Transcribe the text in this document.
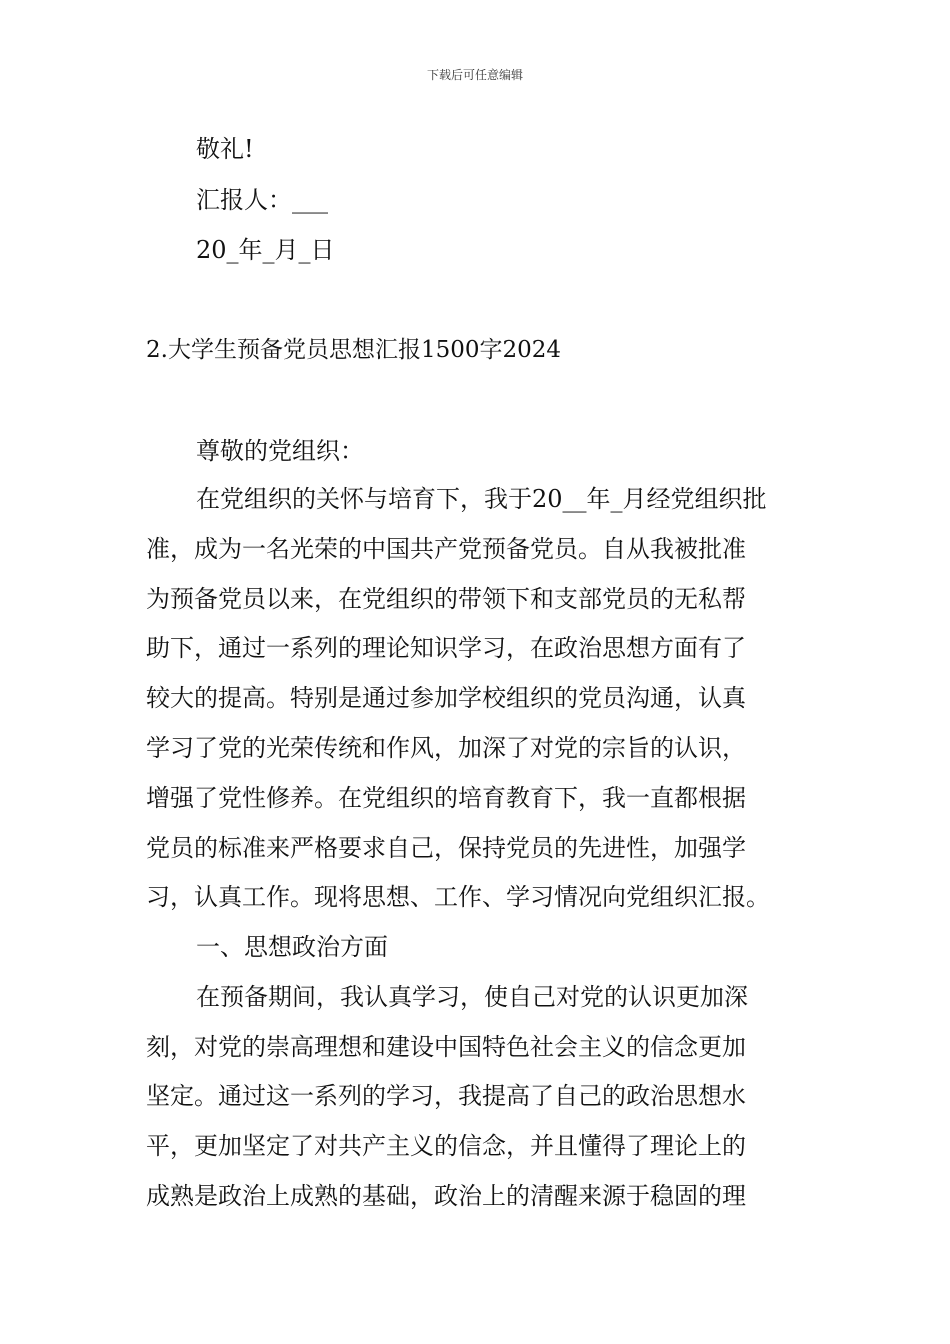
下载后可任意编辑
敬礼!
汇报人：___
20_年_月_日
2.大学生预备党员思想汇报1500字2024
尊敬的党组织：
在党组织的关怀与培育下，我于20__年_月经党组织批
准，成为一名光荣的中国共产党预备党员。自从我被批准
为预备党员以来，在党组织的带领下和支部党员的无私帮
助下，通过一系列的理论知识学习，在政治思想方面有了
较大的提高。特别是通过参加学校组织的党员沟通，认真
学习了党的光荣传统和作风，加深了对党的宗旨的认识，
增强了党性修养。在党组织的培育教育下，我一直都根据
党员的标准来严格要求自己，保持党员的先进性，加强学
习，认真工作。现将思想、工作、学习情况向党组织汇报。
一、思想政治方面
在预备期间，我认真学习，使自己对党的认识更加深
刻，对党的崇高理想和建设中国特色社会主义的信念更加
坚定。通过这一系列的学习，我提高了自己的政治思想水
平，更加坚定了对共产主义的信念，并且懂得了理论上的
成熟是政治上成熟的基础，政治上的清醒来源于稳固的理
